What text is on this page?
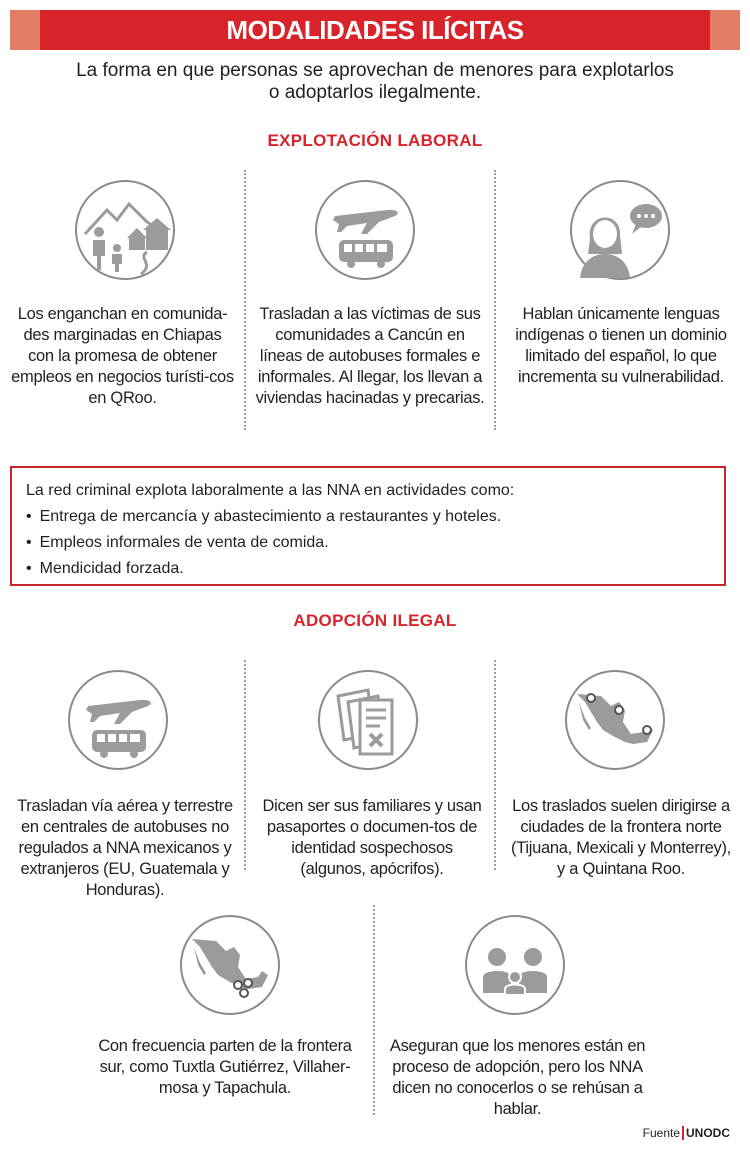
MODALIDADES ILÍCITAS
La forma en que personas se aprovechan de menores para explotarlos
o adoptarlos ilegalmente.
EXPLOTACIÓN LABORAL
Los enganchan en comunida-des marginadas en Chiapas con la promesa de obtener empleos en negocios turísti-cos en QRoo.
Trasladan a las víctimas de sus comunidades a Cancún en líneas de autobuses formales e informales. Al llegar, los llevan a viviendas hacinadas y precarias.
Hablan únicamente lenguas indígenas o tienen un dominio limitado del español, lo que incrementa su vulnerabilidad.
La red criminal explota laboralmente a las NNA en actividades como:
• Entrega de mercancía y abastecimiento a restaurantes y hoteles.
• Empleos informales de venta de comida.
• Mendicidad forzada.
ADOPCIÓN ILEGAL
Trasladan vía aérea y terrestre en centrales de autobuses no regulados a NNA mexicanos y extranjeros (EU, Guatemala y Honduras).
Dicen ser sus familiares y usan pasaportes o documen-tos de identidad sospechosos (algunos, apócrifos).
Los traslados suelen dirigirse a ciudades de la frontera norte (Tijuana, Mexicali y Monterrey), y a Quintana Roo.
Con frecuencia parten de la frontera sur, como Tuxtla Gutiérrez, Villaher-mosa y Tapachula.
Aseguran que los menores están en proceso de adopción, pero los NNA dicen no conocerlos o se rehúsan a hablar.
Fuente UNODC
